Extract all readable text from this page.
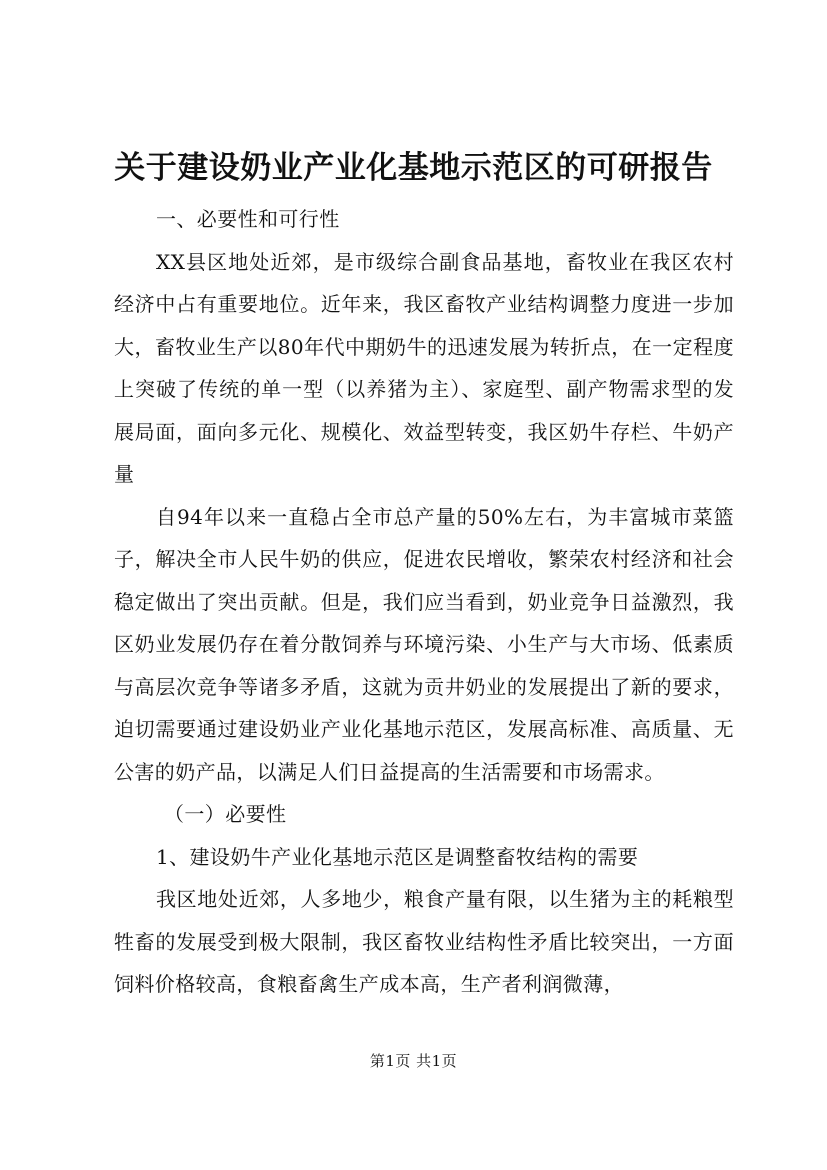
关于建设奶业产业化基地示范区的可研报告

一、必要性和可行性

XX县区地处近郊，是市级综合副食品基地，畜牧业在我区农村经济中占有重要地位。近年来，我区畜牧产业结构调整力度进一步加大，畜牧业生产以80年代中期奶牛的迅速发展为转折点，在一定程度上突破了传统的单一型（以养猪为主）、家庭型、副产物需求型的发展局面，面向多元化、规模化、效益型转变，我区奶牛存栏、牛奶产量

自94年以来一直稳占全市总产量的50%左右，为丰富城市菜篮子，解决全市人民牛奶的供应，促进农民增收，繁荣农村经济和社会稳定做出了突出贡献。但是，我们应当看到，奶业竞争日益激烈，我区奶业发展仍存在着分散饲养与环境污染、小生产与大市场、低素质与高层次竞争等诸多矛盾，这就为贡井奶业的发展提出了新的要求，迫切需要通过建设奶业产业化基地示范区，发展高标准、高质量、无公害的奶产品，以满足人们日益提高的生活需要和市场需求。

（一）必要性

1、建设奶牛产业化基地示范区是调整畜牧结构的需要

我区地处近郊，人多地少，粮食产量有限，以生猪为主的耗粮型牲畜的发展受到极大限制，我区畜牧业结构性矛盾比较突出，一方面饲料价格较高，食粮畜禽生产成本高，生产者利润微薄，

第1页 共1页
